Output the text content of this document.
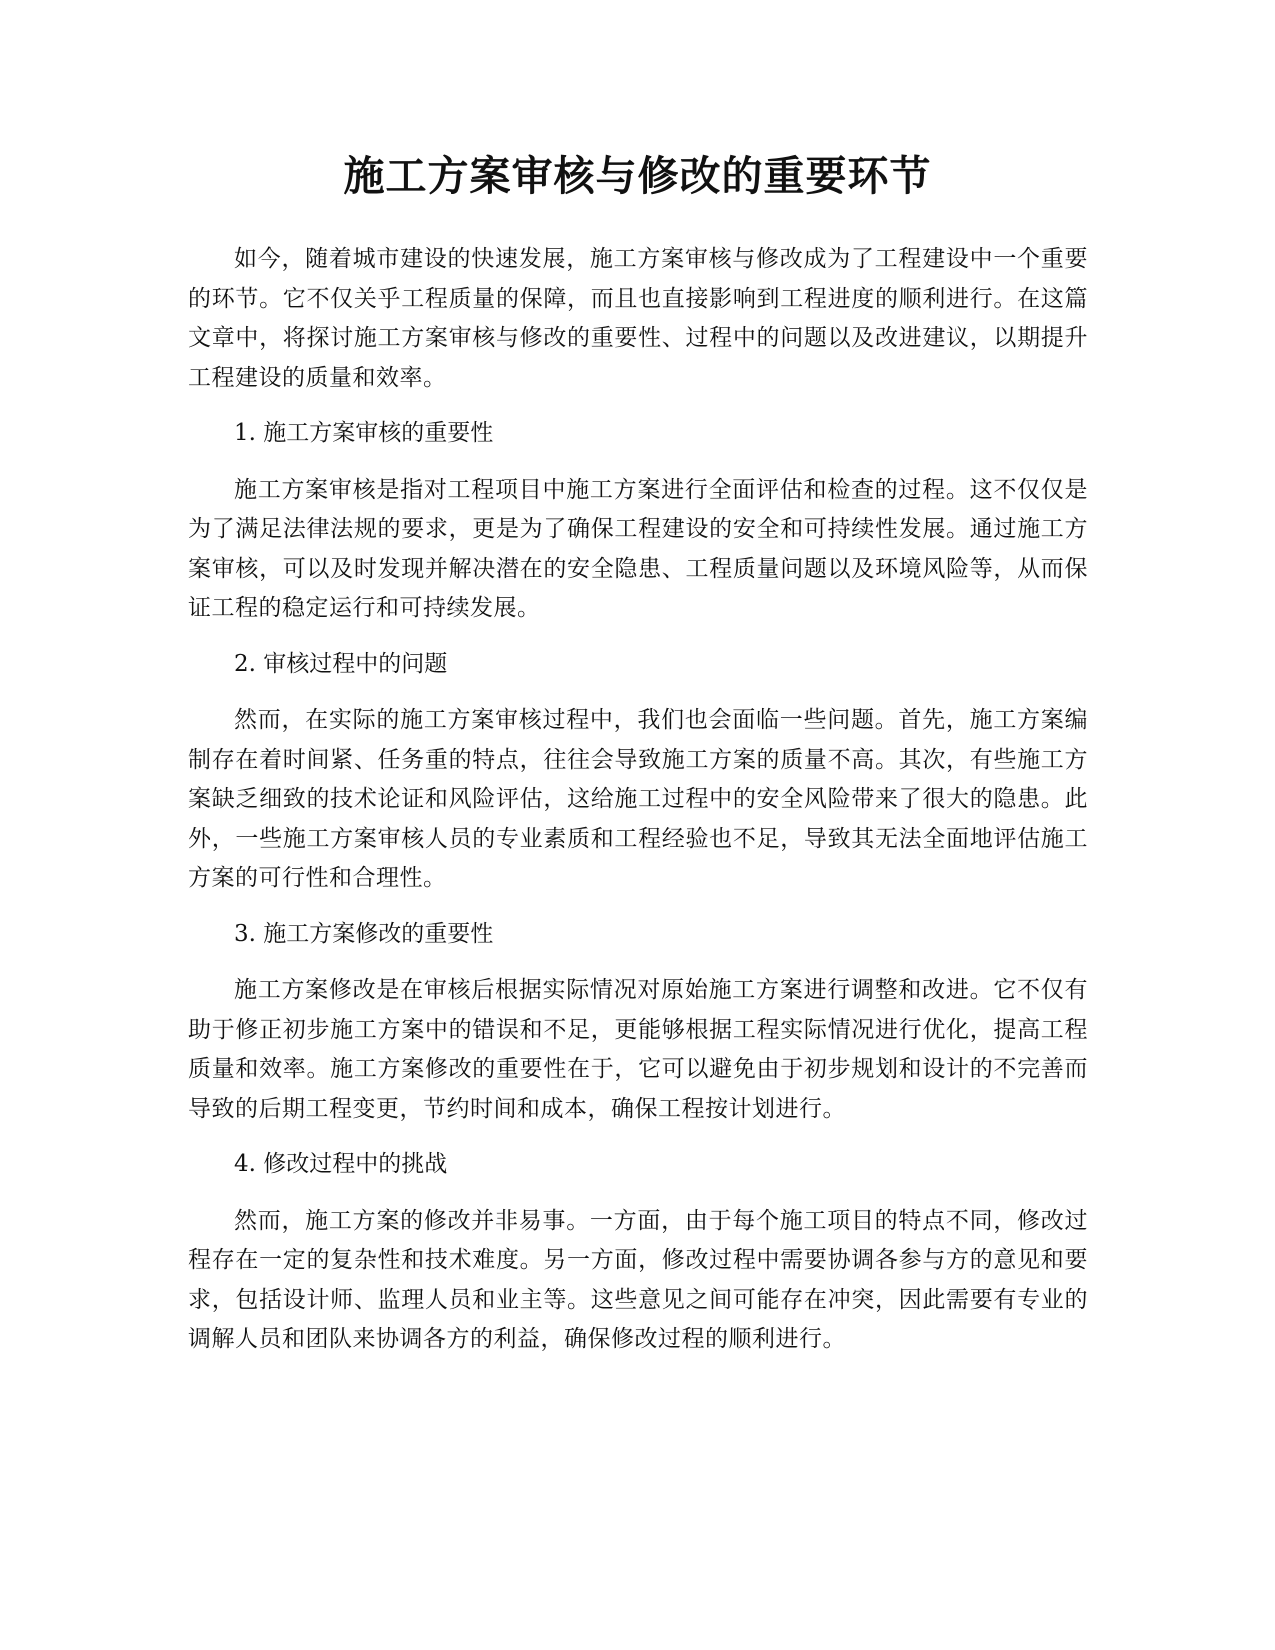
施工方案审核与修改的重要环节

如今，随着城市建设的快速发展，施工方案审核与修改成为了工程建设中一个重要的环节。它不仅关乎工程质量的保障，而且也直接影响到工程进度的顺利进行。在这篇文章中，将探讨施工方案审核与修改的重要性、过程中的问题以及改进建议，以期提升工程建设的质量和效率。

1. 施工方案审核的重要性

施工方案审核是指对工程项目中施工方案进行全面评估和检查的过程。这不仅仅是为了满足法律法规的要求，更是为了确保工程建设的安全和可持续性发展。通过施工方案审核，可以及时发现并解决潜在的安全隐患、工程质量问题以及环境风险等，从而保证工程的稳定运行和可持续发展。

2. 审核过程中的问题

然而，在实际的施工方案审核过程中，我们也会面临一些问题。首先，施工方案编制存在着时间紧、任务重的特点，往往会导致施工方案的质量不高。其次，有些施工方案缺乏细致的技术论证和风险评估，这给施工过程中的安全风险带来了很大的隐患。此外，一些施工方案审核人员的专业素质和工程经验也不足，导致其无法全面地评估施工方案的可行性和合理性。

3. 施工方案修改的重要性

施工方案修改是在审核后根据实际情况对原始施工方案进行调整和改进。它不仅有助于修正初步施工方案中的错误和不足，更能够根据工程实际情况进行优化，提高工程质量和效率。施工方案修改的重要性在于，它可以避免由于初步规划和设计的不完善而导致的后期工程变更，节约时间和成本，确保工程按计划进行。

4. 修改过程中的挑战

然而，施工方案的修改并非易事。一方面，由于每个施工项目的特点不同，修改过程存在一定的复杂性和技术难度。另一方面，修改过程中需要协调各参与方的意见和要求，包括设计师、监理人员和业主等。这些意见之间可能存在冲突，因此需要有专业的调解人员和团队来协调各方的利益，确保修改过程的顺利进行。
